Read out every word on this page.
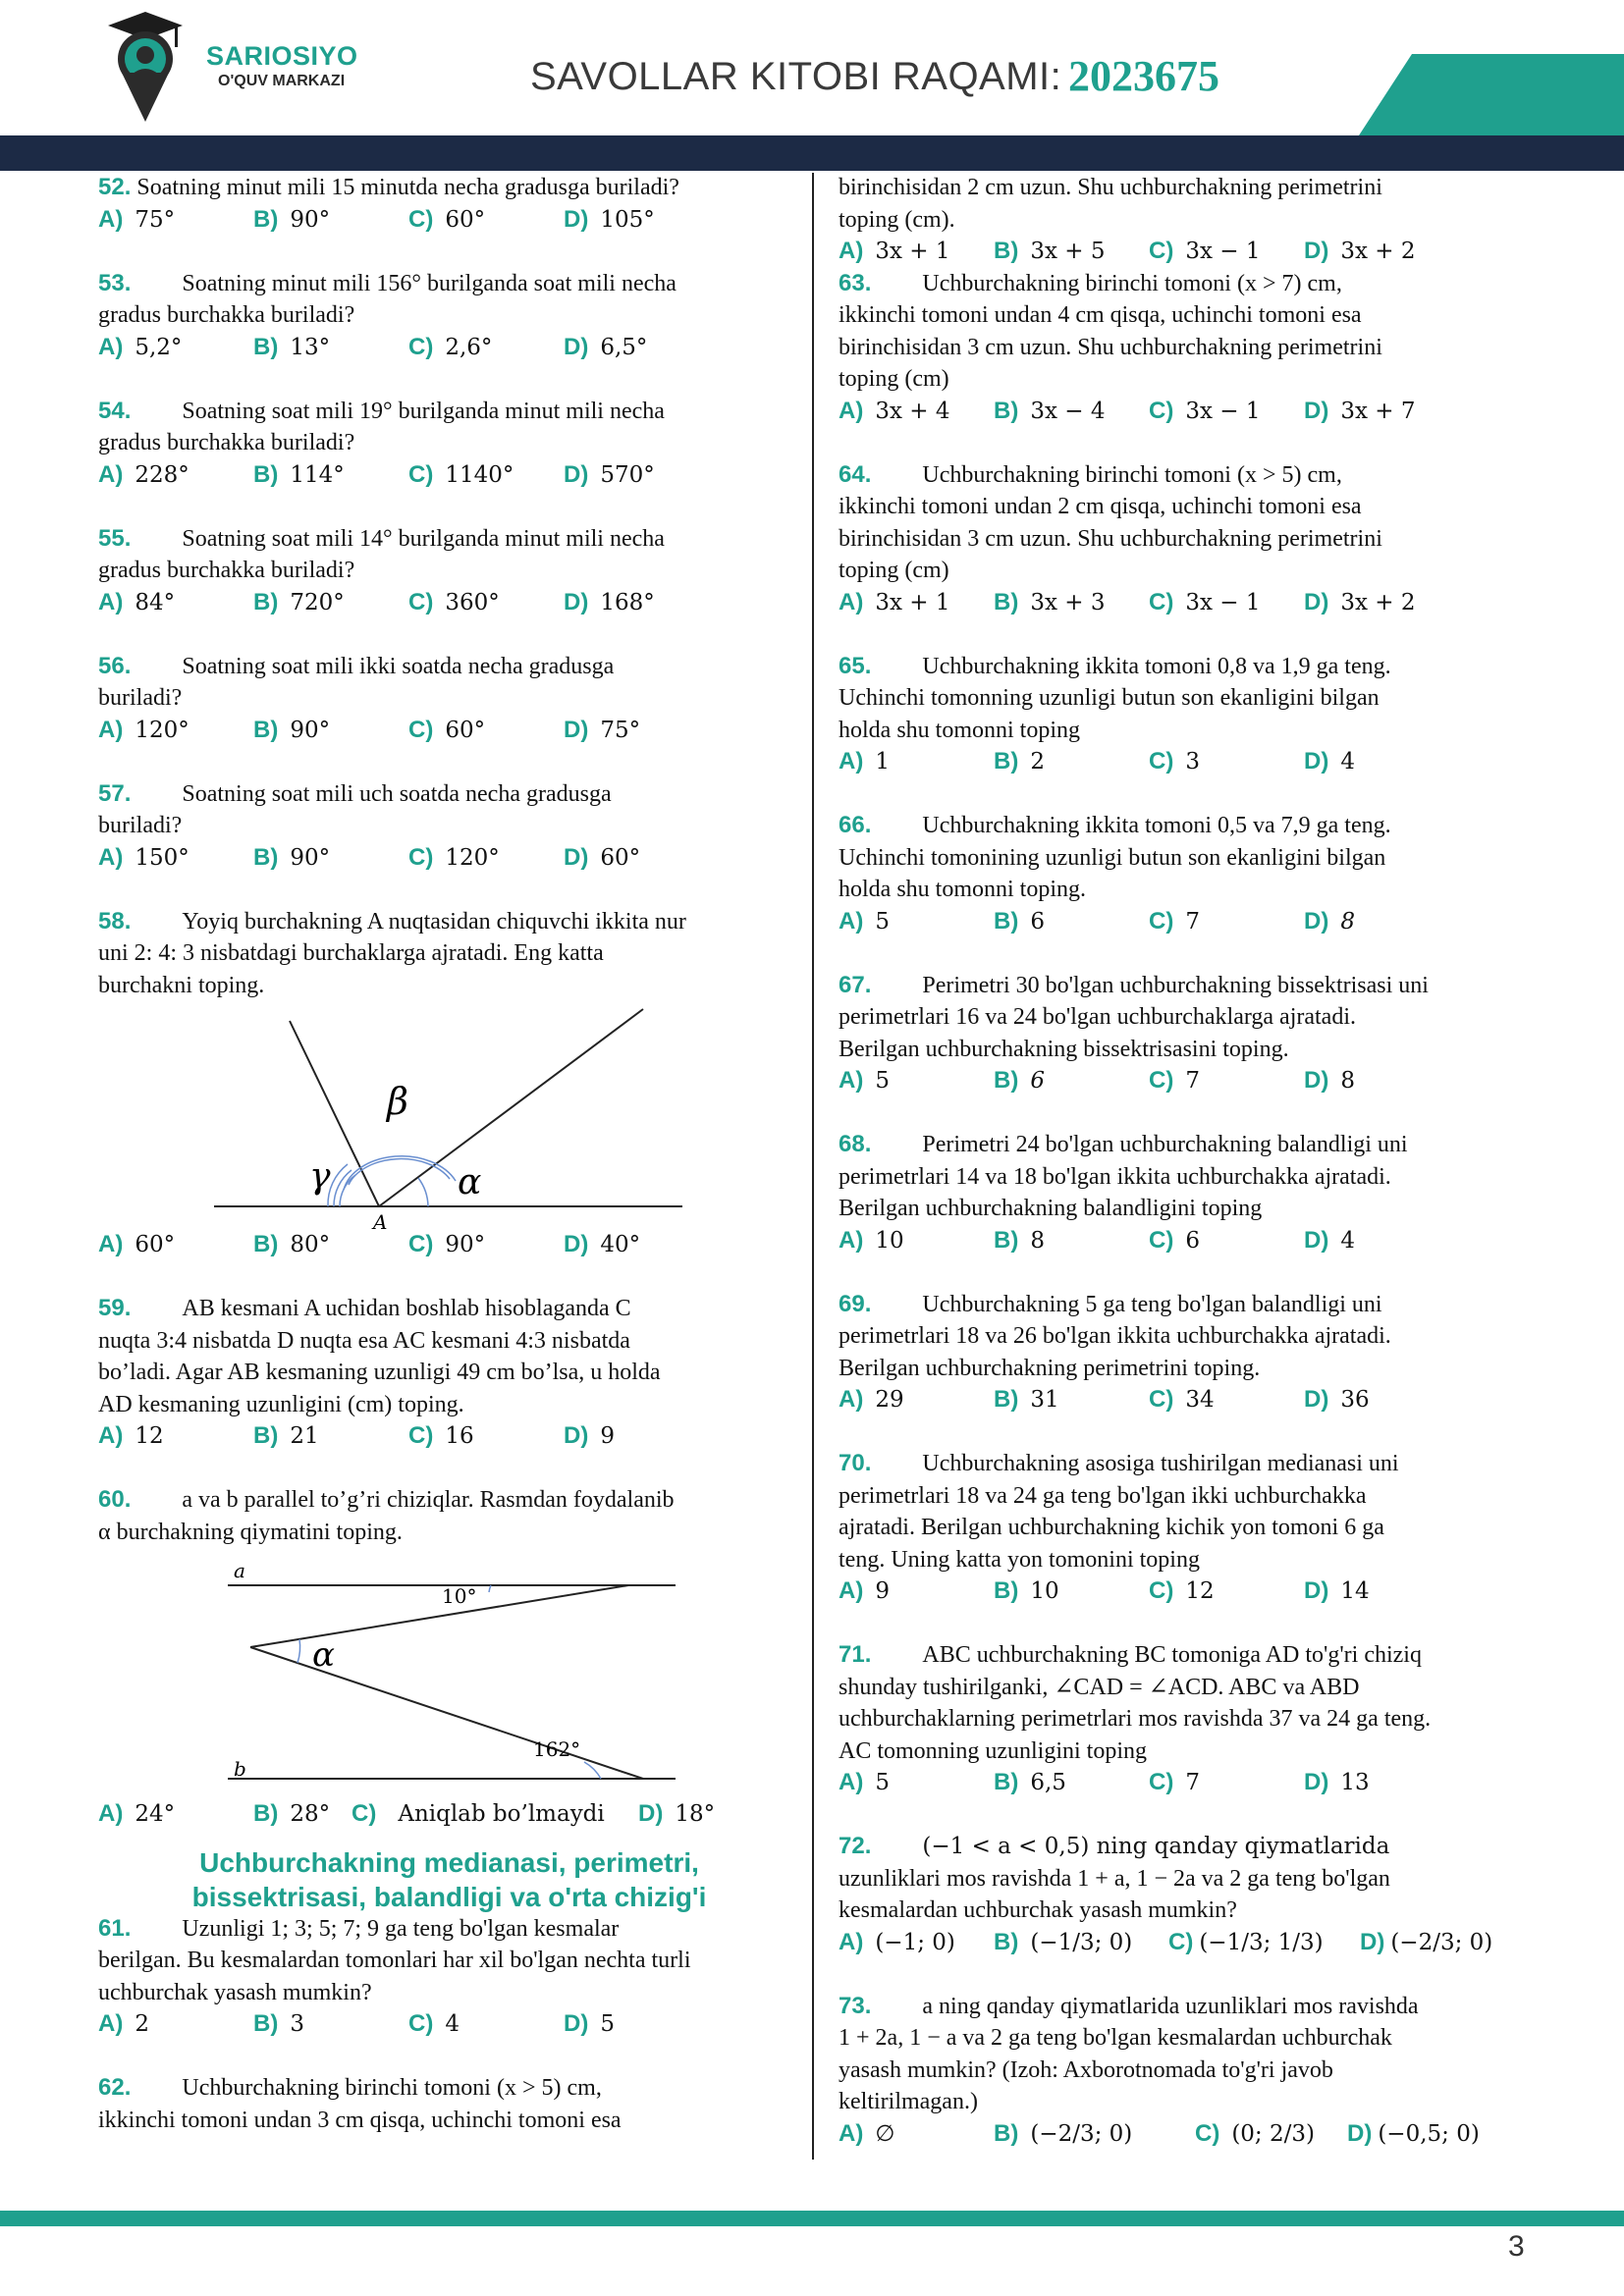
SARIOSIYO
O'QUV MARKAZI	SAVOLLAR KITOBI RAQAMI: 2023675
52. Soatning minut mili 15 minutda necha gradusga buriladi?
A) 75°	B) 90°	C) 60°	D) 105°
53. Soatning minut mili 156° burilganda soat mili necha
gradus burchakka buriladi?
A) 5,2°	B) 13°	C) 2,6°	D) 6,5°
54. Soatning soat mili 19° burilganda minut mili necha
gradus burchakka buriladi?
A) 228°	B) 114°	C) 1140° D) 570°
55. Soatning soat mili 14° burilganda minut mili necha
gradus burchakka buriladi?
A) 84°	B) 720°	C) 360°	D) 168°
56. Soatning soat mili ikki soatda necha gradusga
buriladi?
A) 120°	B) 90°	C) 60°	D) 75°
57. Soatning soat mili uch soatda necha gradusga
buriladi?
A) 150°	B) 90°	C) 120°	D) 60°
58. Yoyiq burchakning A nuqtasidan chiquvchi ikkita nur
uni 2: 4: 3 nisbatdagi burchaklarga ajratadi. Eng katta
burchakni toping.
β
γ	α
A
A) 60°	B) 80°	C) 90°	D) 40°
59. AB kesmani A uchidan boshlab hisoblaganda C
nuqta 3:4 nisbatda D nuqta esa AC kesmani 4:3 nisbatda
bo’ladi. Agar AB kesmaning uzunligi 49 cm bo’lsa, u holda
AD kesmaning uzunligini (cm) toping.
A) 12	B) 21	C) 16	D) 9
60. a va b parallel to’g’ri chiziqlar. Rasmdan foydalanib
α burchakning qiymatini toping.
a
b
10°
α
162°
A) 24°	B) 28° C) Aniqlab bo’lmaydi D) 18°
Uchburchakning medianasi, perimetri,
bissektrisasi, balandligi va o'rta chizig'i
61. Uzunligi 1; 3; 5; 7; 9 ga teng bo'lgan kesmalar
berilgan. Bu kesmalardan tomonlari har xil bo'lgan nechta turli
uchburchak yasash mumkin?
A) 2	B) 3	C) 4	D) 5
62. Uchburchakning birinchi tomoni (x > 5) cm,
ikkinchi tomoni undan 3 cm qisqa, uchinchi tomoni esa
birinchisidan 2 cm uzun. Shu uchburchakning perimetrini
toping (cm).
A) 3x + 1 B) 3x + 5 C) 3x − 1 D) 3x + 2
63. Uchburchakning birinchi tomoni (x > 7) cm,
ikkinchi tomoni undan 4 cm qisqa, uchinchi tomoni esa
birinchisidan 3 cm uzun. Shu uchburchakning perimetrini
toping (cm)
A) 3x + 4 B) 3x − 4 C) 3x − 1 D) 3x + 7
64. Uchburchakning birinchi tomoni (x > 5) cm,
ikkinchi tomoni undan 2 cm qisqa, uchinchi tomoni esa
birinchisidan 3 cm uzun. Shu uchburchakning perimetrini
toping (cm)
A) 3x + 1 B) 3x + 3 C) 3x − 1 D) 3x + 2
65. Uchburchakning ikkita tomoni 0,8 va 1,9 ga teng.
Uchinchi tomonning uzunligi butun son ekanligini bilgan
holda shu tomonni toping
A) 1	B) 2	C) 3	D) 4
66. Uchburchakning ikkita tomoni 0,5 va 7,9 ga teng.
Uchinchi tomonining uzunligi butun son ekanligini bilgan
holda shu tomonni toping.
A) 5	B) 6	C) 7	D) 8
67. Perimetri 30 bo'lgan uchburchakning bissektrisasi uni
perimetrlari 16 va 24 bo'lgan uchburchaklarga ajratadi.
Berilgan uchburchakning bissektrisasini toping.
A) 5	B) 6	C) 7	D) 8
68. Perimetri 24 bo'lgan uchburchakning balandligi uni
perimetrlari 14 va 18 bo'lgan ikkita uchburchakka ajratadi.
Berilgan uchburchakning balandligini toping
A) 10	B) 8	C) 6	D) 4
69. Uchburchakning 5 ga teng bo'lgan balandligi uni
perimetrlari 18 va 26 bo'lgan ikkita uchburchakka ajratadi.
Berilgan uchburchakning perimetrini toping.
A) 29	B) 31	C) 34	D) 36
70. Uchburchakning asosiga tushirilgan medianasi uni
perimetrlari 18 va 24 ga teng bo'lgan ikki uchburchakka
ajratadi. Berilgan uchburchakning kichik yon tomoni 6 ga
teng. Uning katta yon tomonini toping
A) 9	B) 10	C) 12	D) 14
71. ABC uchburchakning BC tomoniga AD to'g'ri chiziq
shunday tushirilganki, ∠CAD = ∠ACD. ABC va ABD
uchburchaklarning perimetrlari mos ravishda 37 va 24 ga teng.
AC tomonning uzunligini toping
A) 5	B) 6,5	C) 7	D) 13
72. (−1 < a < 0,5) ning qanday qiymatlarida
uzunliklari mos ravishda 1 + a, 1 − 2a va 2 ga teng bo'lgan
kesmalardan uchburchak yasash mumkin?
A) (−1; 0) B) (−1/3; 0) C) (−1/3; 1/3) D) (−2/3; 0)
73. a ning qanday qiymatlarida uzunliklari mos ravishda
1 + 2a, 1 − a va 2 ga teng bo'lgan kesmalardan uchburchak
yasash mumkin? (Izoh: Axborotnomada to'g'ri javob
keltirilmagan.)
A) ∅	B) (−2/3; 0)	C) (0; 2/3) D) (−0,5; 0)
3
